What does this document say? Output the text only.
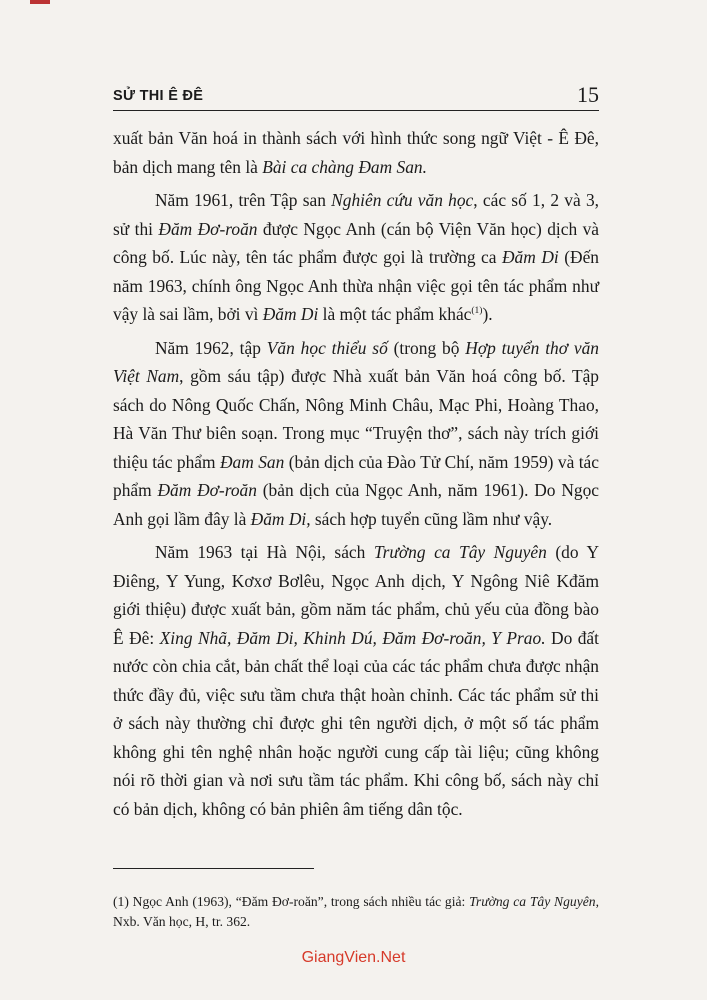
SỬ THI Ê ĐÊ	15

xuất bản Văn hoá in thành sách với hình thức song ngữ Việt - Ê Đê, bản dịch mang tên là Bài ca chàng Đam San.

Năm 1961, trên Tập san Nghiên cứu văn học, các số 1, 2 và 3, sử thi Đăm Đơ-roăn được Ngọc Anh (cán bộ Viện Văn học) dịch và công bố. Lúc này, tên tác phẩm được gọi là trường ca Đăm Di (Đến năm 1963, chính ông Ngọc Anh thừa nhận việc gọi tên tác phẩm như vậy là sai lầm, bởi vì Đăm Di là một tác phẩm khác$^{(1)}$).

Năm 1962, tập Văn học thiểu số (trong bộ Hợp tuyển thơ văn Việt Nam, gồm sáu tập) được Nhà xuất bản Văn hoá công bố. Tập sách do Nông Quốc Chấn, Nông Minh Châu, Mạc Phi, Hoàng Thao, Hà Văn Thư biên soạn. Trong mục “Truyện thơ”, sách này trích giới thiệu tác phẩm Đam San (bản dịch của Đào Tử Chí, năm 1959) và tác phẩm Đăm Đơ-roăn (bản dịch của Ngọc Anh, năm 1961). Do Ngọc Anh gọi lầm đây là Đăm Di, sách hợp tuyển cũng lầm như vậy.

Năm 1963 tại Hà Nội, sách Trường ca Tây Nguyên (do Y Điêng, Y Yung, Kơxơ Bơlêu, Ngọc Anh dịch, Y Ngông Niê Kđăm giới thiệu) được xuất bản, gồm năm tác phẩm, chủ yếu của đồng bào Ê Đê: Xing Nhã, Đăm Di, Khinh Dú, Đăm Đơ-roăn, Y Prao. Do đất nước còn chia cắt, bản chất thể loại của các tác phẩm chưa được nhận thức đầy đủ, việc sưu tầm chưa thật hoàn chỉnh. Các tác phẩm sử thi ở sách này thường chỉ được ghi tên người dịch, ở một số tác phẩm không ghi tên nghệ nhân hoặc người cung cấp tài liệu; cũng không nói rõ thời gian và nơi sưu tầm tác phẩm. Khi công bố, sách này chỉ có bản dịch, không có bản phiên âm tiếng dân tộc.

(1) Ngọc Anh (1963), “Đăm Đơ-roăn”, trong sách nhiều tác giả: Trường ca Tây Nguyên, Nxb. Văn học, H, tr. 362.

GiangVien.Net
